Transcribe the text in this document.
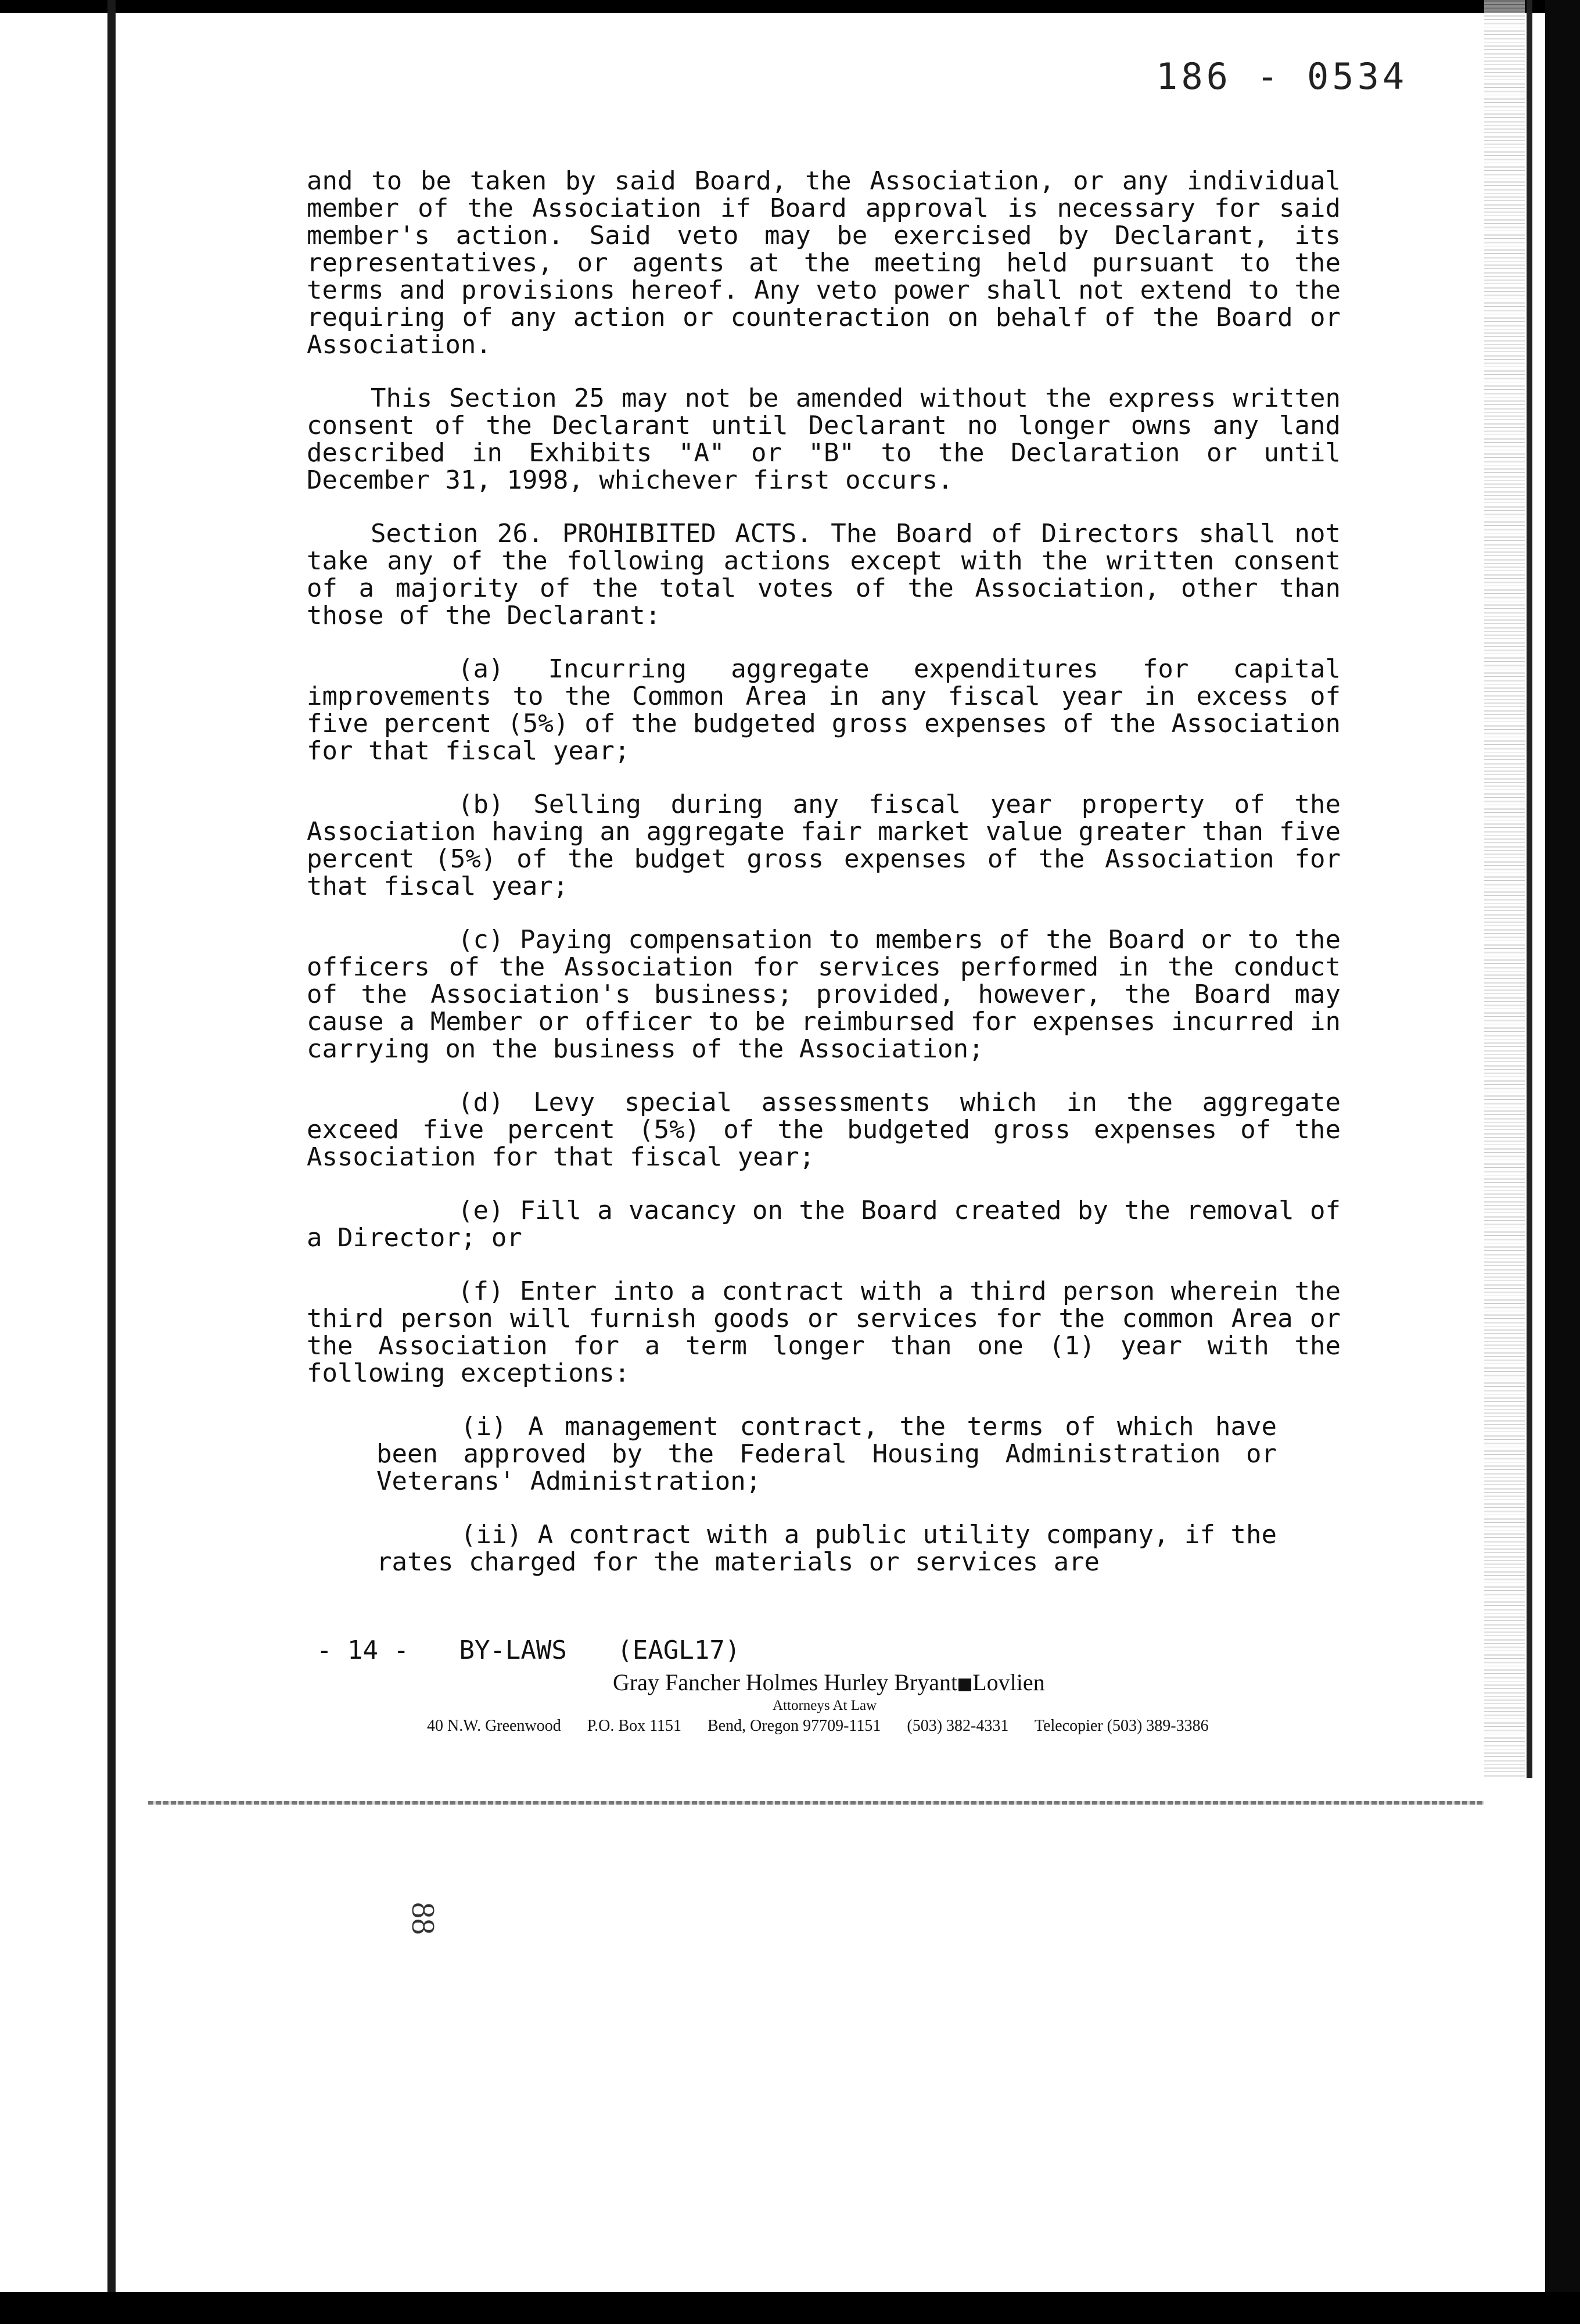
186 - 0534

and to be taken by said Board, the Association, or any individual member of the Association if Board approval is necessary for said member's action. Said veto may be exercised by Declarant, its representatives, or agents at the meeting held pursuant to the terms and provisions hereof. Any veto power shall not extend to the requiring of any action or counteraction on behalf of the Board or Association.

This Section 25 may not be amended without the express written consent of the Declarant until Declarant no longer owns any land described in Exhibits "A" or "B" to the Declaration or until December 31, 1998, whichever first occurs.

Section 26. PROHIBITED ACTS. The Board of Directors shall not take any of the following actions except with the written consent of a majority of the total votes of the Association, other than those of the Declarant:

(a) Incurring aggregate expenditures for capital improvements to the Common Area in any fiscal year in excess of five percent (5%) of the budgeted gross expenses of the Association for that fiscal year;

(b) Selling during any fiscal year property of the Association having an aggregate fair market value greater than five percent (5%) of the budget gross expenses of the Association for that fiscal year;

(c) Paying compensation to members of the Board or to the officers of the Association for services performed in the conduct of the Association's business; provided, however, the Board may cause a Member or officer to be reimbursed for expenses incurred in carrying on the business of the Association;

(d) Levy special assessments which in the aggregate exceed five percent (5%) of the budgeted gross expenses of the Association for that fiscal year;

(e) Fill a vacancy on the Board created by the removal of a Director; or

(f) Enter into a contract with a third person wherein the third person will furnish goods or services for the common Area or the Association for a term longer than one (1) year with the following exceptions:

(i) A management contract, the terms of which have been approved by the Federal Housing Administration or Veterans' Administration;

(ii) A contract with a public utility company, if the rates charged for the materials or services are

- 14 - BY-LAWS (EAGL17)
Gray Fancher Holmes Hurley Bryant Lovlien
Attorneys At Law
40 N.W. Greenwood P.O. Box 1151 Bend, Oregon 97709-1151 (503) 382-4331 Telecopier (503) 389-3386
88
